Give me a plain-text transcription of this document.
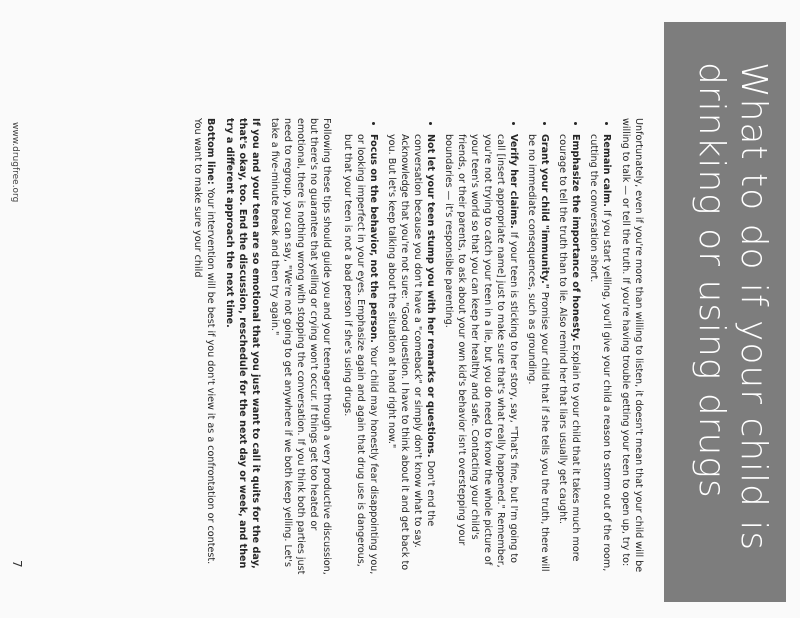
What to do if your child is drinking or using drugs

Unfortunately, even if you're more than willing to listen, it doesn't mean that your child will be willing to talk — or tell the truth. If you're having trouble getting your teen to open up, try to:

• Remain calm. If you start yelling, you'll give your child a reason to storm out of the room, cutting the conversation short.
• Emphasize the importance of honesty. Explain to your child that it takes much more courage to tell the truth than to lie. Also remind her that liars usually get caught.
• Grant your child "immunity." Promise your child that if she tells you the truth, there will be no immediate consequences, such as grounding.
• Verify her claims. If your teen is sticking to her story, say, "That's fine, but I'm going to call [insert appropriate name] just to make sure that's what really happened." Remember, you're not trying to catch your teen in a lie, but you do need to know the whole picture of your teen's world so that you can keep her healthy and safe. Contacting your child's friends, or their parents, to ask about your own kid's behavior isn't overstepping your boundaries — it's responsible parenting.
• Not let your teen stump you with her remarks or questions. Don't end the conversation because you don't have a "comeback" or simply don't know what to say. Acknowledge that you're not sure: "Good question. I have to think about it and get back to you. But let's keep talking about the situation at hand right now."
• Focus on the behavior, not the person. Your child may honestly fear disappointing you, or looking imperfect in your eyes. Emphasize again and again that drug use is dangerous, but that your teen is not a bad person if she's using drugs.

Following these tips should guide you and your teenager through a very productive discussion, but there's no guarantee that yelling or crying won't occur. If things get too heated or emotional, there is nothing wrong with stopping the conversation. If you think both parties just need to regroup, you can say, "We're not going to get anywhere if we both keep yelling. Let's take a five-minute break and then try again."

If you and your teen are so emotional that you just want to call it quits for the day, that's okay, too. End the discussion, reschedule for the next day or week, and then try a different approach the next time.

Bottom line: Your intervention will be best if you don't view it as a confrontation or contest. You want to make sure your child

www.drugfree.org
7
